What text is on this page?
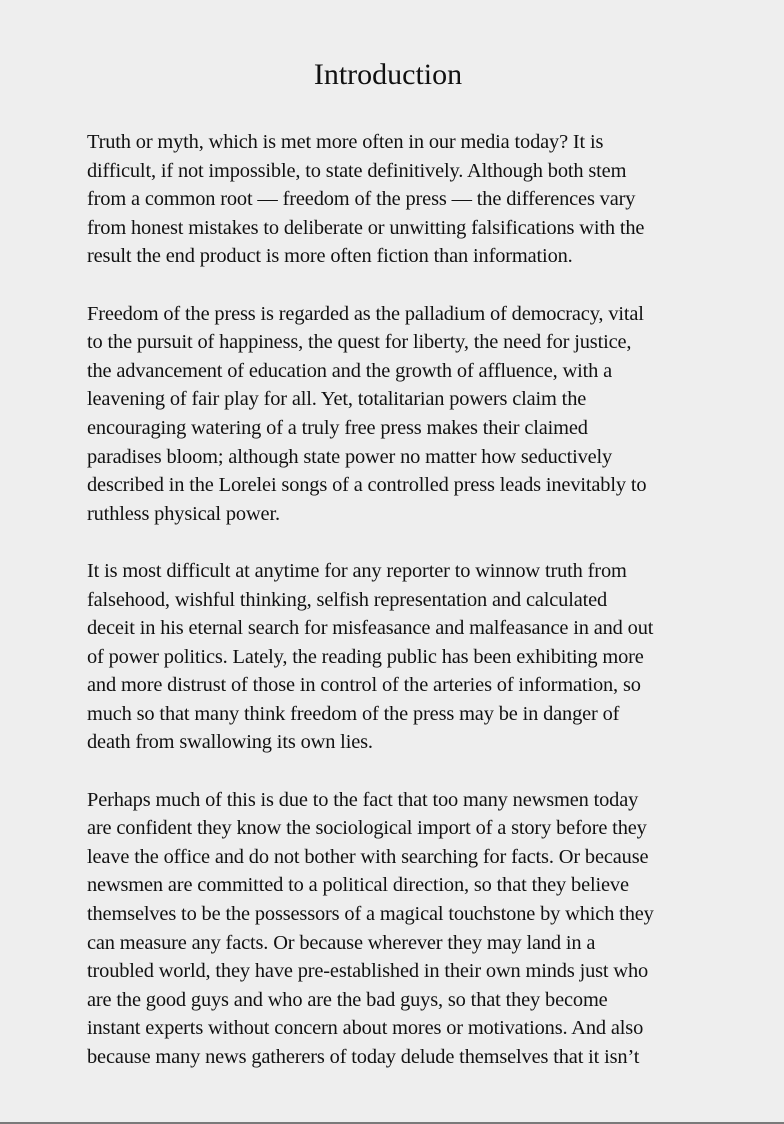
Introduction

Truth or myth, which is met more often in our media today? It is
difficult, if not impossible, to state definitively. Although both stem
from a common root — freedom of the press — the differences vary
from honest mistakes to deliberate or unwitting falsifications with the
result the end product is more often fiction than information.

Freedom of the press is regarded as the palladium of democracy, vital
to the pursuit of happiness, the quest for liberty, the need for justice,
the advancement of education and the growth of affluence, with a
leavening of fair play for all. Yet, totalitarian powers claim the
encouraging watering of a truly free press makes their claimed
paradises bloom; although state power no matter how seductively
described in the Lorelei songs of a controlled press leads inevitably to
ruthless physical power.

It is most difficult at anytime for any reporter to winnow truth from
falsehood, wishful thinking, selfish representation and calculated
deceit in his eternal search for misfeasance and malfeasance in and out
of power politics. Lately, the reading public has been exhibiting more
and more distrust of those in control of the arteries of information, so
much so that many think freedom of the press may be in danger of
death from swallowing its own lies.

Perhaps much of this is due to the fact that too many newsmen today
are confident they know the sociological import of a story before they
leave the office and do not bother with searching for facts. Or because
newsmen are committed to a political direction, so that they believe
themselves to be the possessors of a magical touchstone by which they
can measure any facts. Or because wherever they may land in a
troubled world, they have pre-established in their own minds just who
are the good guys and who are the bad guys, so that they become
instant experts without concern about mores or motivations. And also
because many news gatherers of today delude themselves that it isn’t
